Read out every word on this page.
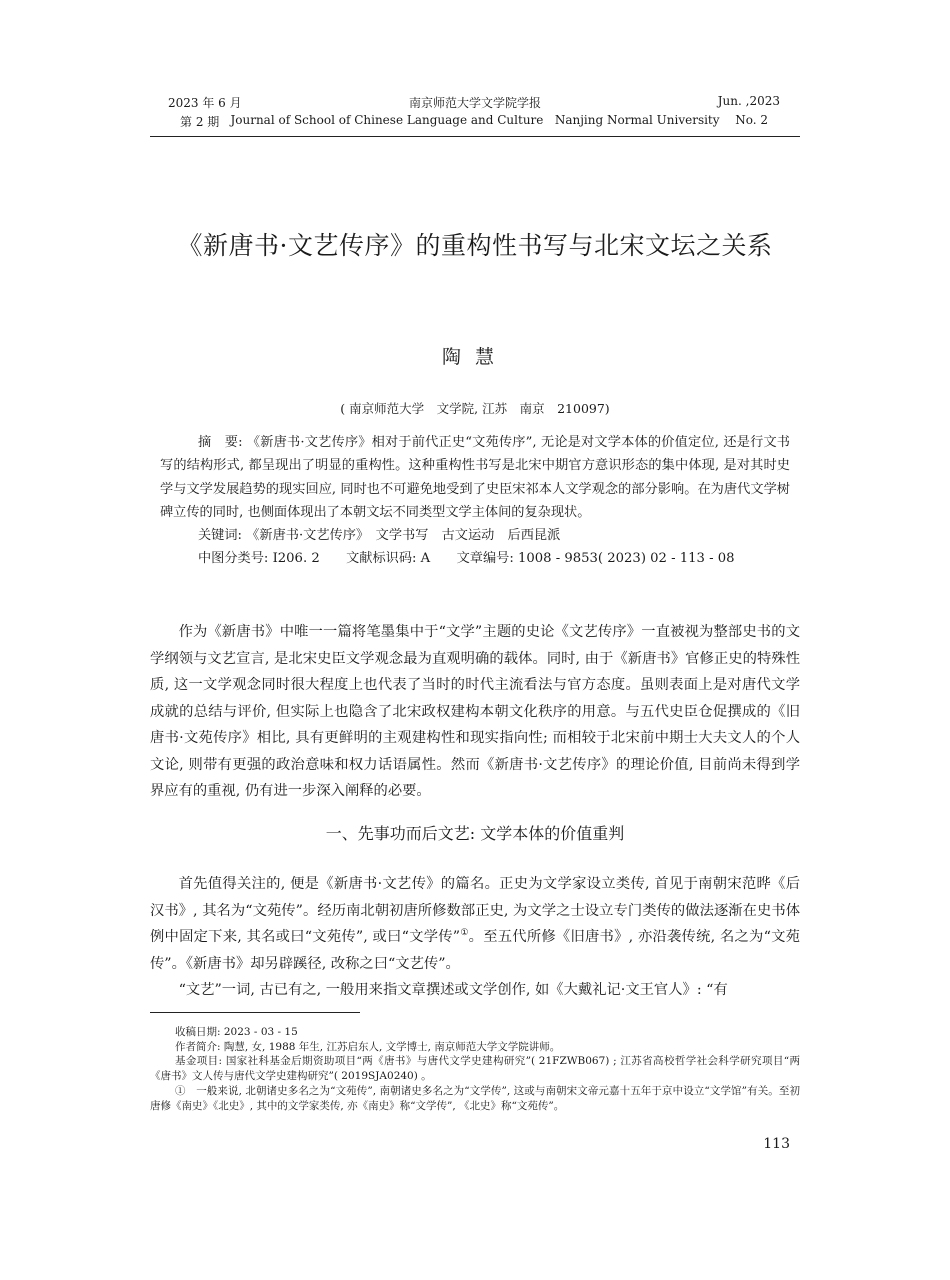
2023 年 6 月	南京师范大学文学院学报	Jun. ,2023
第 2 期 Journal of School of Chinese Language and Culture   Nanjing Normal University	No. 2
《新唐书·文艺传序》的重构性书写与北宋文坛之关系
陶慧
( 南京师范大学　文学院, 江苏　南京　210097)

摘　要: 《新唐书·文艺传序》相对于前代正史“文苑传序”, 无论是对文学本体的价值定位, 还是行文书写的结构形式, 都呈现出了明显的重构性。这种重构性书写是北宋中期官方意识形态的集中体现, 是对其时史学与文学发展趋势的现实回应, 同时也不可避免地受到了史臣宋祁本人文学观念的部分影响。在为唐代文学树碑立传的同时, 也侧面体现出了本朝文坛不同类型文学主体间的复杂现状。

关键词: 《新唐书·文艺传序》　文学书写　古文运动　后西昆派

中图分类号: I206. 2　　文献标识码: A　　文章编号: 1008 - 9853( 2023) 02 - 113 - 08

作为《新唐书》中唯一一篇将笔墨集中于“文学”主题的史论《文艺传序》一直被视为整部史书的文学纲领与文艺宣言, 是北宋史臣文学观念最为直观明确的载体。同时, 由于《新唐书》官修正史的特殊性质, 这一文学观念同时很大程度上也代表了当时的时代主流看法与官方态度。虽则表面上是对唐代文学成就的总结与评价, 但实际上也隐含了北宋政权建构本朝文化秩序的用意。与五代史臣仓促撰成的《旧唐书·文苑传序》相比, 具有更鲜明的主观建构性和现实指向性; 而相较于北宋前中期士大夫文人的个人文论, 则带有更强的政治意味和权力话语属性。然而《新唐书·文艺传序》的理论价值, 目前尚未得到学界应有的重视, 仍有进一步深入阐释的必要。

一、先事功而后文艺: 文学本体的价值重判

首先值得关注的, 便是《新唐书·文艺传》的篇名。正史为文学家设立类传, 首见于南朝宋范晔《后汉书》, 其名为“文苑传”。经历南北朝初唐所修数部正史, 为文学之士设立专门类传的做法逐渐在史书体例中固定下来, 其名或曰“文苑传”, 或曰“文学传”①。至五代所修《旧唐书》, 亦沿袭传统, 名之为“文苑传”。《新唐书》却另辟蹊径, 改称之曰“文艺传”。

“文艺”一词, 古已有之, 一般用来指文章撰述或文学创作, 如《大戴礼记·文王官人》: “有

收稿日期: 2023 - 03 - 15

作者简介: 陶慧, 女, 1988 年生, 江苏启东人, 文学博士, 南京师范大学文学院讲师。

基金项目: 国家社科基金后期资助项目“两《唐书》与唐代文学史建构研究”( 21FZWB067) ; 江苏省高校哲学社会科学研究项目“两《唐书》文人传与唐代文学史建构研究”( 2019SJA0240) 。

①　一般来说, 北朝诸史多名之为“文苑传”, 南朝诸史多名之为“文学传”, 这或与南朝宋文帝元嘉十五年于京中设立“文学馆”有关。至初唐修《南史》《北史》, 其中的文学家类传, 亦《南史》称“文学传”, 《北史》称“文苑传”。

113
